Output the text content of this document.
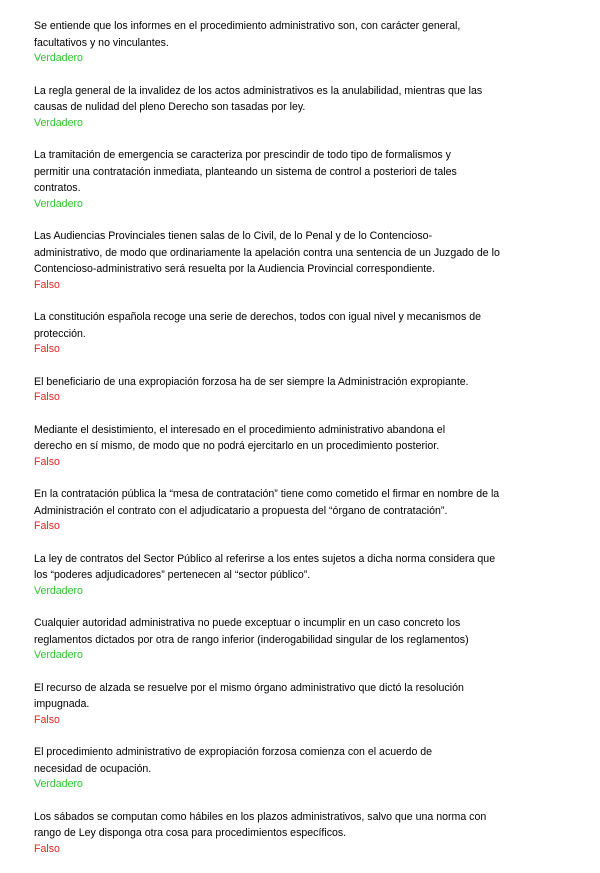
Se entiende que los informes en el procedimiento administrativo son, con carácter general,
facultativos y no vinculantes.
Verdadero
La regla general de la invalidez de los actos administrativos es la anulabilidad, mientras que las
causas de nulidad del pleno Derecho son tasadas por ley.
Verdadero
La tramitación de emergencia se caracteriza por prescindir de todo tipo de formalismos y
permitir una contratación inmediata, planteando un sistema de control a posteriori de tales
contratos.
Verdadero
Las Audiencias Provinciales tienen salas de lo Civil, de lo Penal y de lo Contencioso-
administrativo, de modo que ordinariamente la apelación contra una sentencia de un Juzgado de lo
Contencioso-administrativo será resuelta por la Audiencia Provincial correspondiente.
Falso
La constitución española recoge una serie de derechos, todos con igual nivel y mecanismos de
protección.
Falso
El beneficiario de una expropiación forzosa ha de ser siempre la Administración expropiante.
Falso
Mediante el desistimiento, el interesado en el procedimiento administrativo abandona el
derecho en sí mismo, de modo que no podrá ejercitarlo en un procedimiento posterior.
Falso
En la contratación pública la “mesa de contratación” tiene como cometido el firmar en nombre de la
Administración el contrato con el adjudicatario a propuesta del “órgano de contratación”.
Falso
La ley de contratos del Sector Público al referirse a los entes sujetos a dicha norma considera que
los “poderes adjudicadores” pertenecen al “sector público”.
Verdadero
Cualquier autoridad administrativa no puede exceptuar o incumplir en un caso concreto los
reglamentos dictados por otra de rango inferior (inderogabilidad singular de los reglamentos)
Verdadero
El recurso de alzada se resuelve por el mismo órgano administrativo que dictó la resolución
impugnada.
Falso
El procedimiento administrativo de expropiación forzosa comienza con el acuerdo de
necesidad de ocupación.
Verdadero
Los sábados se computan como hábiles en los plazos administrativos, salvo que una norma con
rango de Ley disponga otra cosa para procedimientos específicos.
Falso
